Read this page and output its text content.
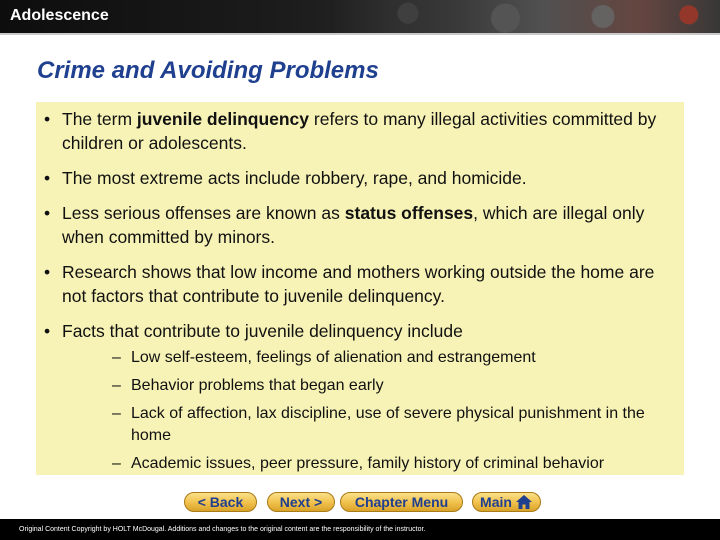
Adolescence
Crime and Avoiding Problems
• The term juvenile delinquency refers to many illegal activities committed by children or adolescents.
• The most extreme acts include robbery, rape, and homicide.
• Less serious offenses are known as status offenses, which are illegal only when committed by minors.
• Research shows that low income and mothers working outside the home are not factors that contribute to juvenile delinquency.
• Facts that contribute to juvenile delinquency include
– Low self-esteem, feelings of alienation and estrangement
– Behavior problems that began early
– Lack of affection, lax discipline, use of severe physical punishment in the home
– Academic issues, peer pressure, family history of criminal behavior
< Back	Next >	Chapter Menu	Main
Original Content Copyright by HOLT McDougal. Additions and changes to the original content are the responsibility of the instructor.
